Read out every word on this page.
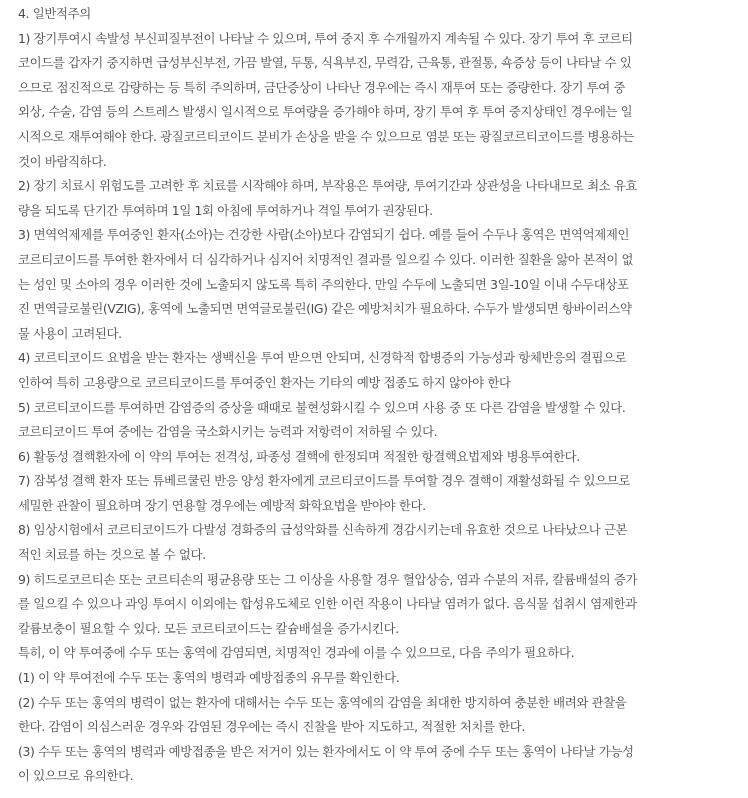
4. 일반적주의
1) 장기투여시 속발성 부신피질부전이 나타날 수 있으며, 투여 중지 후 수개월까지 계속될 수 있다. 장기 투여 후 코르티
코이드를 갑자기 중지하면 급성부신부전, 가끔 발열, 두통, 식욕부진, 무력감, 근육통, 관절통, 쇽증상 등이 나타날 수 있
으므로 점진적으로 감량하는 등 특히 주의하며, 금단증상이 나타난 경우에는 즉시 재투여 또는 증량한다. 장기 투여 중
외상, 수술, 감염 등의 스트레스 발생시 일시적으로 투여량을 증가해야 하며, 장기 투여 후 투여 중지상태인 경우에는 일
시적으로 재투여해야 한다. 광질코르티코이드 분비가 손상을 받을 수 있으므로 염분 또는 광질코르티코이드를 병용하는
것이 바람직하다.
2) 장기 치료시 위험도를 고려한 후 치료를 시작해야 하며, 부작용은 투여량, 투여기간과 상관성을 나타내므로 최소 유효
량을 되도록 단기간 투여하며 1일 1회 아침에 투여하거나 격일 투여가 권장된다.
3) 면역억제제를 투여중인 환자(소아)는 건강한 사람(소아)보다 감염되기 쉽다. 예를 들어 수두나 홍역은 면역억제제인
코르티코이드를 투여한 환자에서 더 심각하거나 심지어 치명적인 결과를 일으킬 수 있다. 이러한 질환을 앓아 본적이 없
는 성인 및 소아의 경우 이러한 것에 노출되지 않도록 특히 주의한다. 만일 수두에 노출되면 3일-10일 이내 수두대상포
진 면역글로불린(VZIG), 홍역에 노출되면 면역글로불린(IG) 같은 예방처치가 필요하다. 수두가 발생되면 항바이러스약
물 사용이 고려된다.
4) 코르티코이드 요법을 받는 환자는 생백신을 투여 받으면 안되며, 신경학적 합병증의 가능성과 항체반응의 결핍으로
인하여 특히 고용량으로 코르티코이드를 투여중인 환자는 기타의 예방 접종도 하지 않아야 한다
5) 코르티코이드를 투여하면 감염증의 증상을 때때로 불현성화시킬 수 있으며 사용 중 또 다른 감염을 발생할 수 있다.
코르티코이드 투여 중에는 감염을 국소화시키는 능력과 저항력이 저하될 수 있다.
6) 활동성 결핵환자에 이 약의 투여는 전격성, 파종성 결핵에 한정되며 적절한 항결핵요법제와 병용투여한다.
7) 잠복성 결핵 환자 또는 튜베르쿨린 반응 양성 환자에게 코르티코이드를 투여할 경우 결핵이 재활성화될 수 있으므로
세밀한 관찰이 필요하며 장기 연용할 경우에는 예방적 화학요법을 받아야 한다.
8) 임상시험에서 코르티코이드가 다발성 경화증의 급성악화를 신속하게 경감시키는데 유효한 것으로 나타났으나 근본
적인 치료를 하는 것으로 볼 수 없다.
9) 히드로코르티손 또는 코르티손의 평균용량 또는 그 이상을 사용할 경우 혈압상승, 염과 수분의 저류, 칼륨배설의 증가
를 일으킬 수 있으나 과잉 투여시 이외에는 합성유도체로 인한 이런 작용이 나타날 염려가 없다. 음식물 섭취시 염제한과
칼륨보충이 필요할 수 있다. 모든 코르티코이드는 칼슘배설을 증가시킨다.
특히, 이 약 투여중에 수두 또는 홍역에 감염되면, 치명적인 경과에 이를 수 있으므로, 다음 주의가 필요하다.
(1) 이 약 투여전에 수두 또는 홍역의 병력과 예방접종의 유무를 확인한다.
(2) 수두 또는 홍역의 병력이 없는 환자에 대해서는 수두 또는 홍역에의 감염을 최대한 방지하여 충분한 배려와 관찰을
한다. 감염이 의심스러운 경우와 감염된 경우에는 즉시 진찰을 받아 지도하고, 적절한 처치를 한다.
(3) 수두 또는 홍역의 병력과 예방접종을 받은 저거이 있는 환자에서도 이 약 투여 중에 수두 또는 홍역이 나타날 가능성
이 있으므로 유의한다.
